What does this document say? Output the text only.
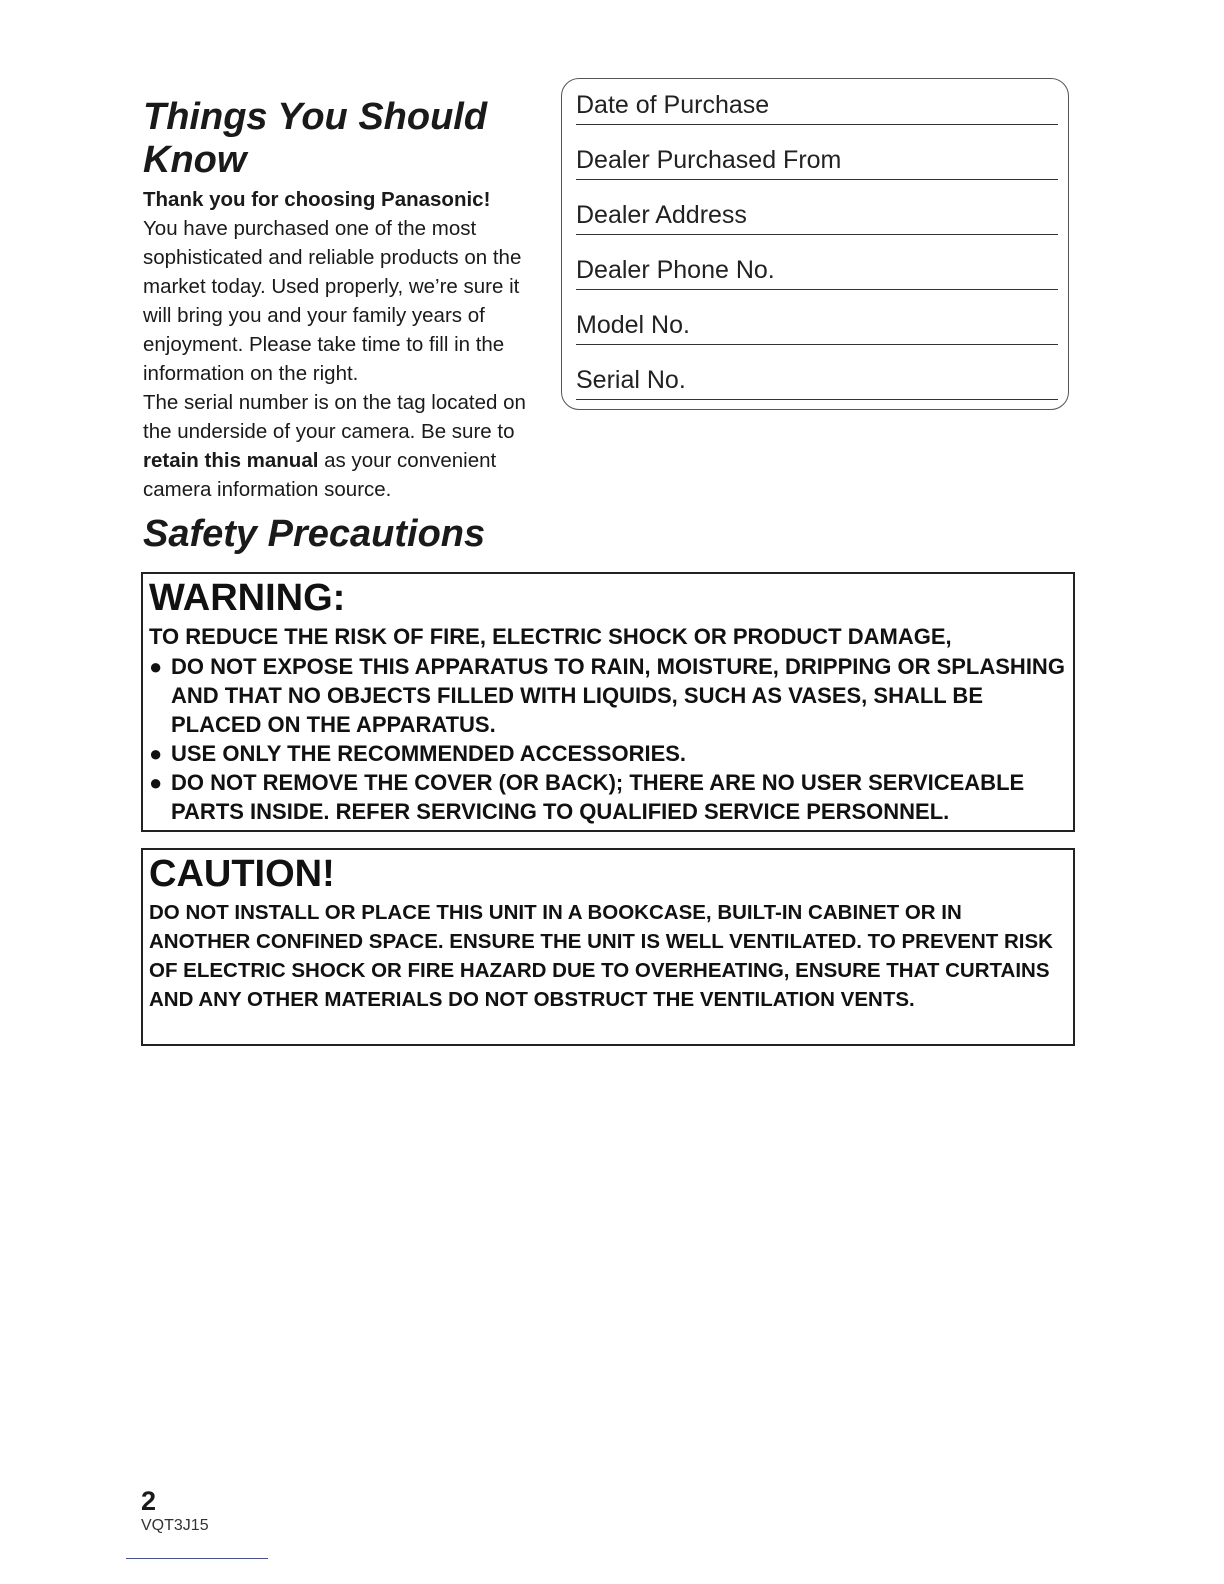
Things You Should Know
Thank you for choosing Panasonic!
You have purchased one of the most sophisticated and reliable products on the market today. Used properly, we’re sure it will bring you and your family years of enjoyment. Please take time to fill in the information on the right.
The serial number is on the tag located on the underside of your camera. Be sure to retain this manual as your convenient camera information source.
Date of Purchase
Dealer Purchased From
Dealer Address
Dealer Phone No.
Model No.
Serial No.
Safety Precautions
WARNING:
TO REDUCE THE RISK OF FIRE, ELECTRIC SHOCK OR PRODUCT DAMAGE,
● DO NOT EXPOSE THIS APPARATUS TO RAIN, MOISTURE, DRIPPING OR SPLASHING AND THAT NO OBJECTS FILLED WITH LIQUIDS, SUCH AS VASES, SHALL BE PLACED ON THE APPARATUS.
● USE ONLY THE RECOMMENDED ACCESSORIES.
● DO NOT REMOVE THE COVER (OR BACK); THERE ARE NO USER SERVICEABLE PARTS INSIDE. REFER SERVICING TO QUALIFIED SERVICE PERSONNEL.
CAUTION!
DO NOT INSTALL OR PLACE THIS UNIT IN A BOOKCASE, BUILT-IN CABINET OR IN ANOTHER CONFINED SPACE. ENSURE THE UNIT IS WELL VENTILATED. TO PREVENT RISK OF ELECTRIC SHOCK OR FIRE HAZARD DUE TO OVERHEATING, ENSURE THAT CURTAINS AND ANY OTHER MATERIALS DO NOT OBSTRUCT THE VENTILATION VENTS.
2
VQT3J15
